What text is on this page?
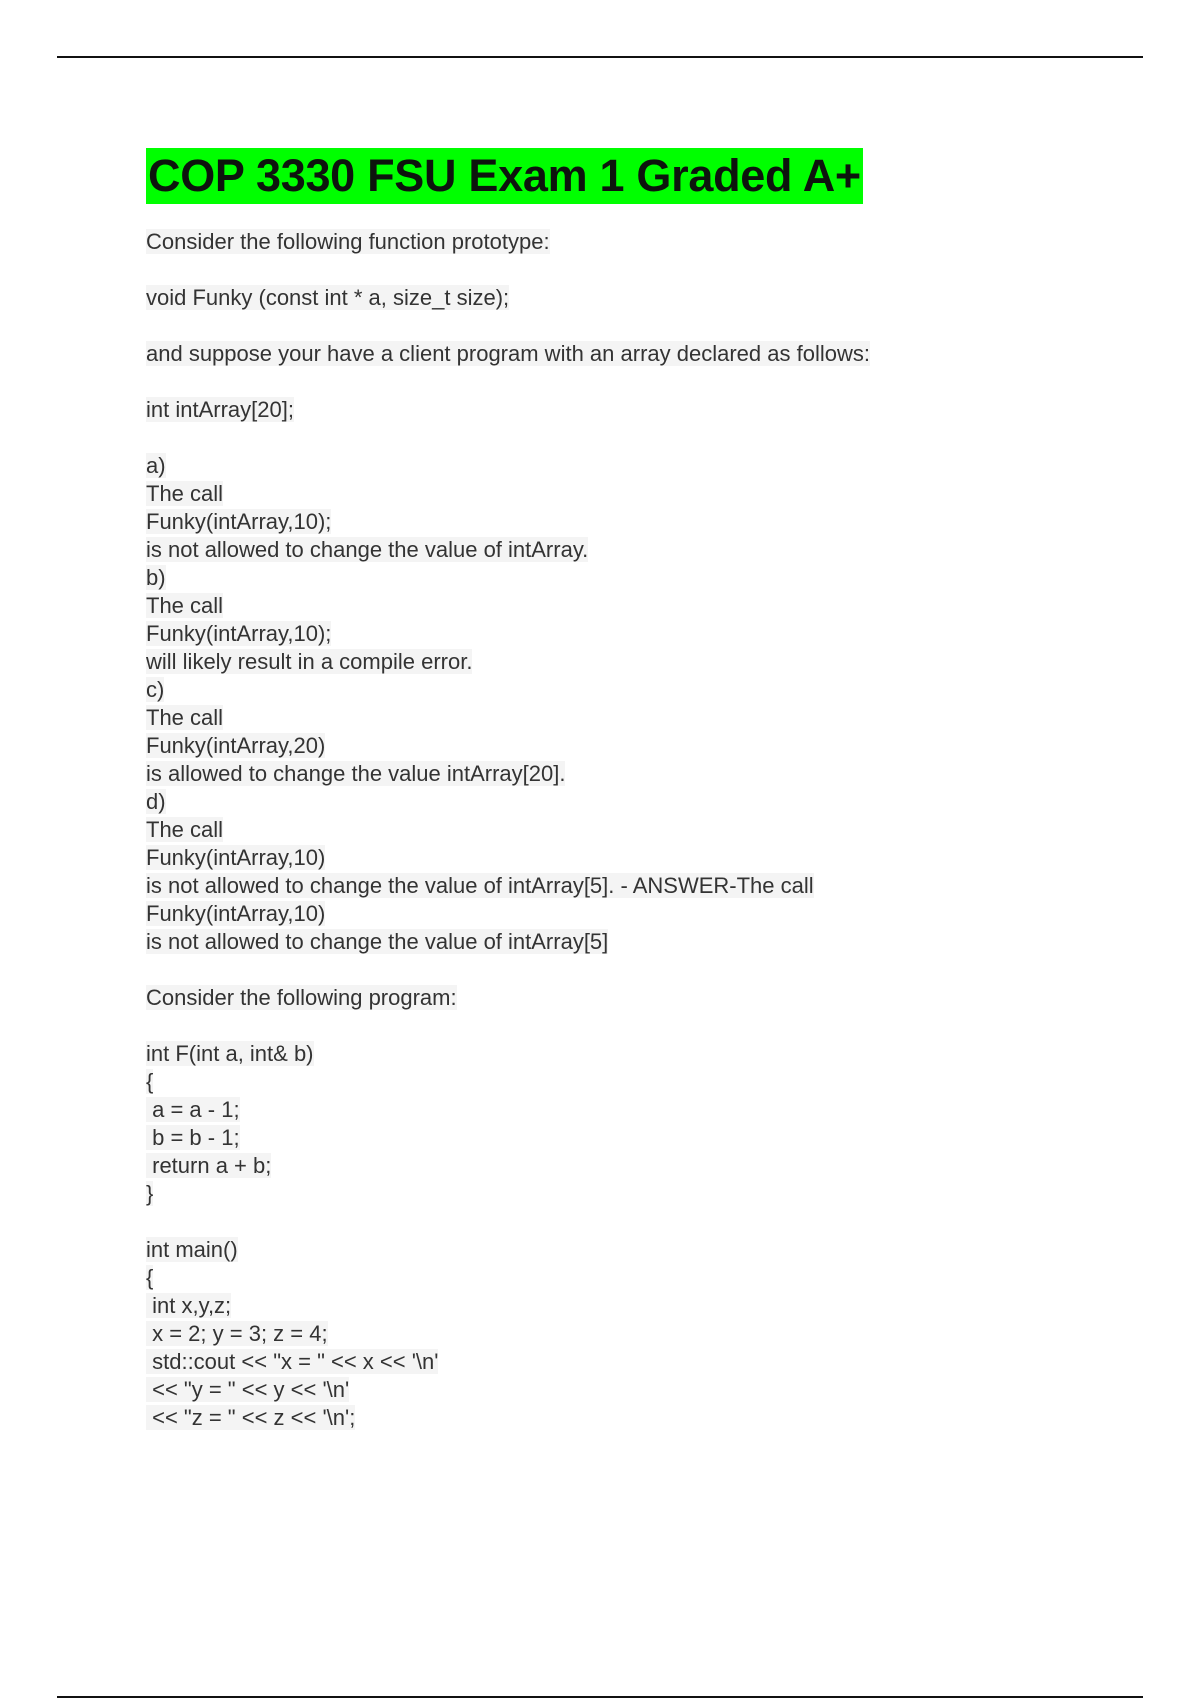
COP 3330 FSU Exam 1 Graded A+
Consider the following function prototype:
void Funky (const int * a, size_t size);
and suppose your have a client program with an array declared as follows:
int intArray[20];
a)
The call
Funky(intArray,10);
is not allowed to change the value of intArray.
b)
The call
Funky(intArray,10);
will likely result in a compile error.
c)
The call
Funky(intArray,20)
is allowed to change the value intArray[20].
d)
The call
Funky(intArray,10)
is not allowed to change the value of intArray[5]. - ANSWER-The call
Funky(intArray,10)
is not allowed to change the value of intArray[5]
Consider the following program:
int F(int a, int& b)
{
a = a - 1;
b = b - 1;
return a + b;
}
int main()
{
int x,y,z;
x = 2; y = 3; z = 4;
std::cout << "x = " << x << '\n'
<< "y = " << y << '\n'
<< "z = " << z << '\n';
